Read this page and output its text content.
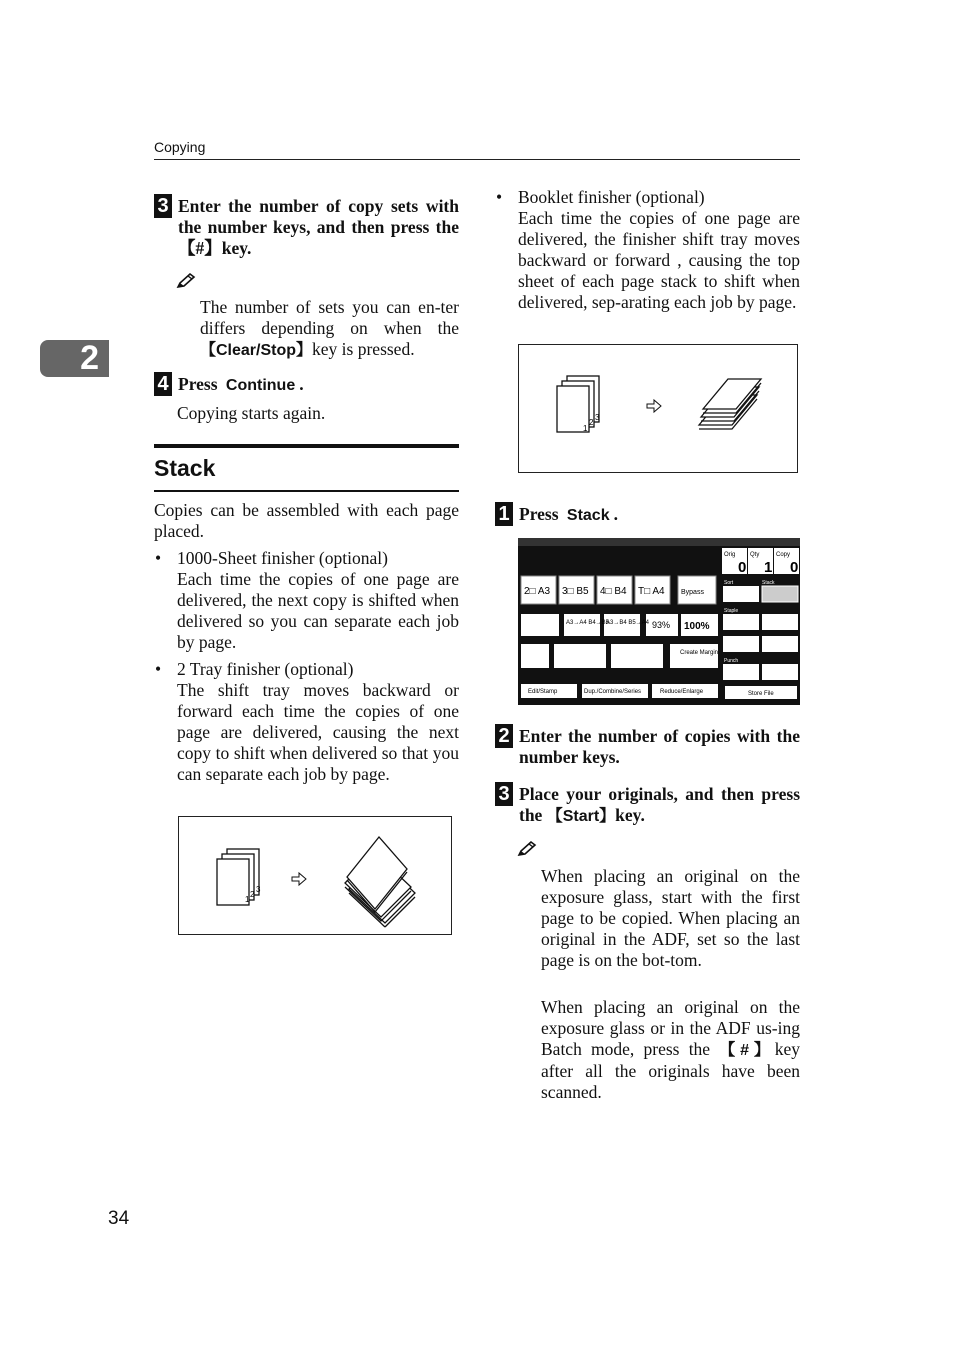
Copying
2
3 Enter the number of copy sets with the number keys, and then press the 【#】key.
The number of sets you can en-ter differs depending on when the 【Clear/Stop】key is pressed.
4 Press Continue .
Copying starts again.
Stack
Copies can be assembled with each page placed.
• 1000-Sheet finisher (optional)
Each time the copies of one page are delivered, the next copy is shifted when delivered so you can separate each job by page.
• 2 Tray finisher (optional)
The shift tray moves backward or forward each time the copies of one page are delivered, causing the next copy to shift when delivered so that you can separate each job by page.
1
2
3
• Booklet finisher (optional)
Each time the copies of one page are delivered, the finisher shift tray moves backward or forward , causing the top sheet of each page stack to shift when delivered, sep-arating each job by page.
1
2
3
1 Press Stack .
Orig Qty	Copy
0 1 0
2□ A3 3□ B5 4□ B4 T□ A4 Bypass
A3→A4 B4→B5
A3→B4 B5→A4 93% 100%
Create Margin
Sort	Stack
Staple
Punch
Edit/Stamp	Dup./Combine/Series	Reduce/Enlarge	Store File
2 Enter the number of copies with the number keys.
3 Place your originals, and then press the 【Start】key.
When placing an original on the exposure glass, start with the first page to be copied. When placing an original in the ADF, set so the last page is on the bot-tom.
When placing an original on the exposure glass or in the ADF us-ing Batch mode, press the 【#】key after all the originals have been scanned.
34
